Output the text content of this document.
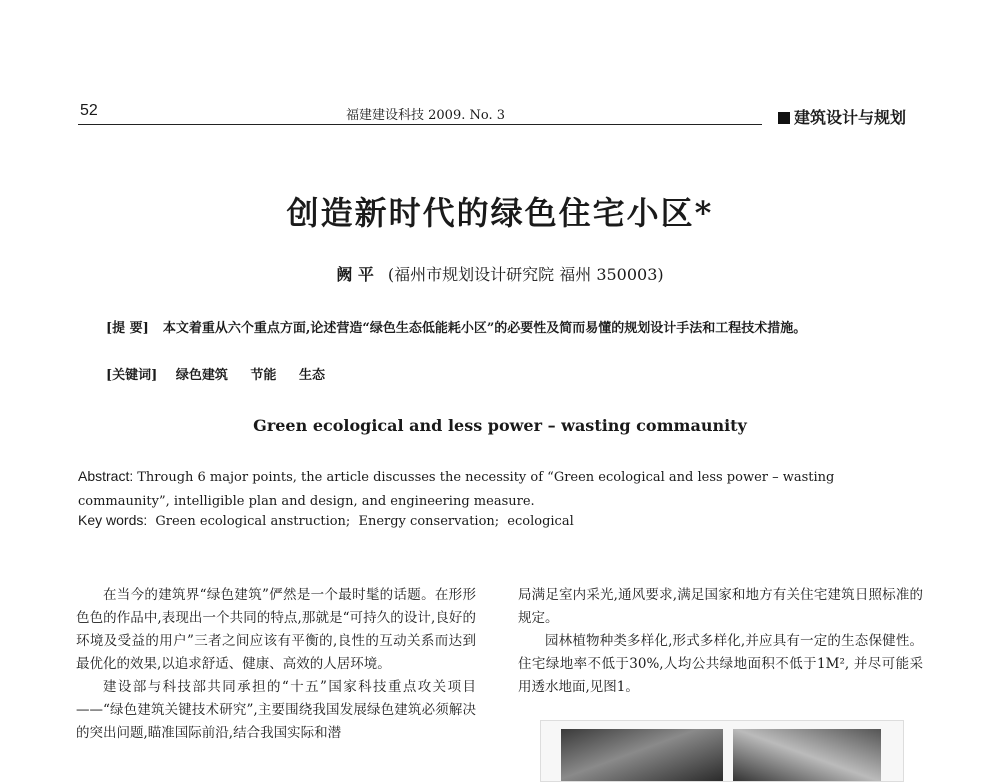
52	福建建设科技 2009. No. 3	建筑设计与规划
创造新时代的绿色住宅小区*
阙 平 (福州市规划设计研究院 福州 350003)
[提 要] 本文着重从六个重点方面,论述营造“绿色生态低能耗小区”的必要性及简而易懂的规划设计手法和工程技术措施。
[关键词] 绿色建筑 节能 生态
Green ecological and less power – wasting commaunity
Abstract: Through 6 major points, the article discusses the necessity of “Green ecological and less power – wasting commaunity”, intelligible plan and design, and engineering measure.
Key words: Green ecological anstruction; Energy conservation; ecological

在当今的建筑界“绿色建筑”俨然是一个最时髦的话题。在形形色色的作品中,表现出一个共同的特点,那就是“可持久的设计,良好的环境及受益的用户”三者之间应该有平衡的,良性的互动关系而达到最优化的效果,以追求舒适、健康、高效的人居环境。

建设部与科技部共同承担的“十五”国家科技重点攻关项目——“绿色建筑关键技术研究”,主要围绕我国发展绿色建筑必须解决的突出问题,瞄准国际前沿,结合我国实际和潜

局满足室内采光,通风要求,满足国家和地方有关住宅建筑日照标准的规定。

园林植物种类多样化,形式多样化,并应具有一定的生态保健性。住宅绿地率不低于30%,人均公共绿地面积不低于1M², 并尽可能采用透水地面,见图1。
